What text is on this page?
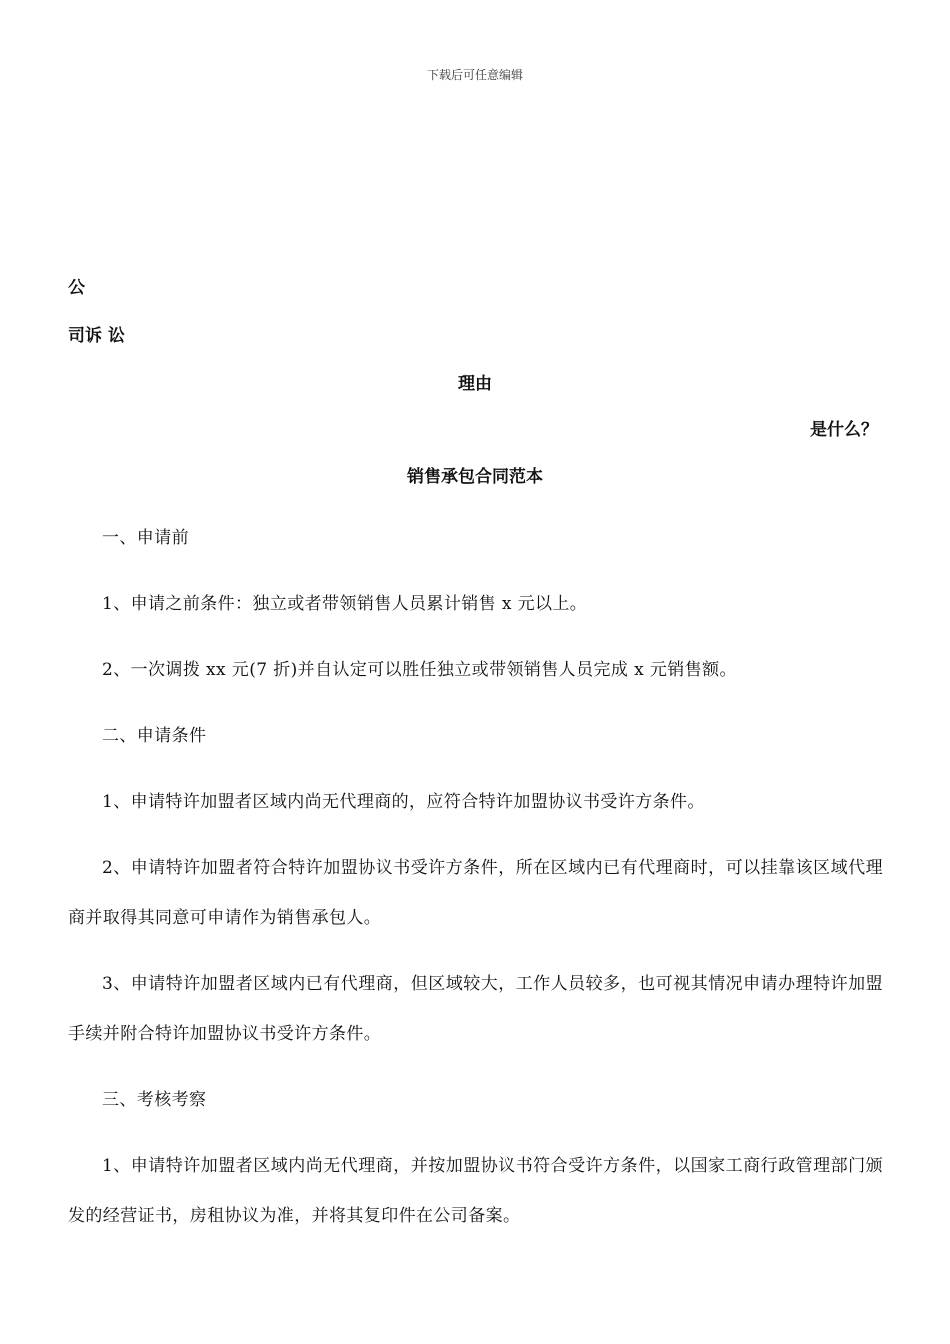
下载后可任意编辑
公
司诉 讼
理由
是什么？
销售承包合同范本

一、申请前

1、申请之前条件：独立或者带领销售人员累计销售 x 元以上。

2、一次调拨 xx 元(7 折)并自认定可以胜任独立或带领销售人员完成 x 元销售额。

二、申请条件

1、申请特许加盟者区域内尚无代理商的，应符合特许加盟协议书受许方条件。

2、申请特许加盟者符合特许加盟协议书受许方条件，所在区域内已有代理商时，可以挂靠该区域代理商并取得其同意可申请作为销售承包人。

3、申请特许加盟者区域内已有代理商，但区域较大，工作人员较多，也可视其情况申请办理特许加盟手续并附合特许加盟协议书受许方条件。

三、考核考察

1、申请特许加盟者区域内尚无代理商，并按加盟协议书符合受许方条件，以国家工商行政管理部门颁发的经营证书，房租协议为准，并将其复印件在公司备案。
